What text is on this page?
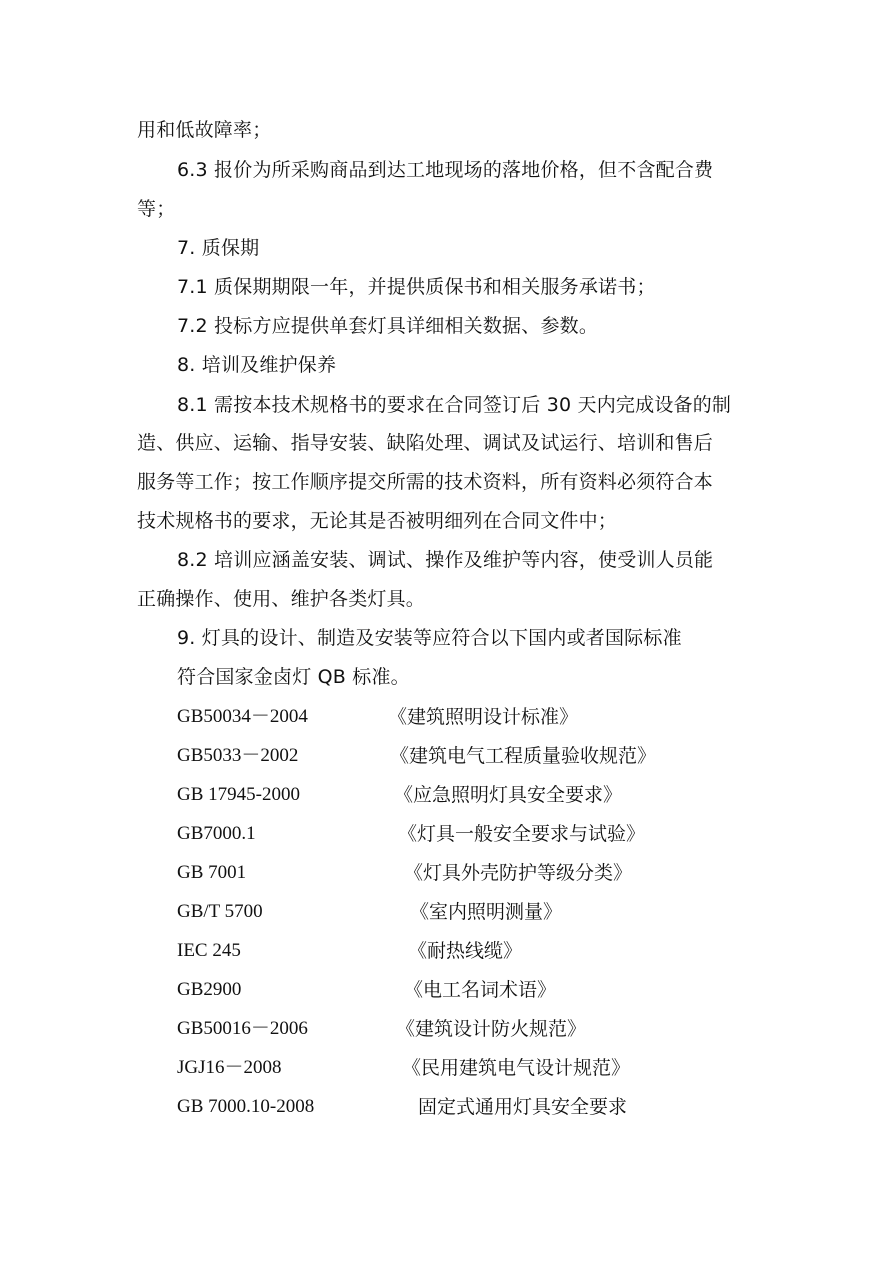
用和低故障率；
6.3 报价为所采购商品到达工地现场的落地价格，但不含配合费
等；
7. 质保期
7.1 质保期期限一年，并提供质保书和相关服务承诺书；
7.2 投标方应提供单套灯具详细相关数据、参数。
8. 培训及维护保养
8.1 需按本技术规格书的要求在合同签订后 30 天内完成设备的制
造、供应、运输、指导安装、缺陷处理、调试及试运行、培训和售后
服务等工作；按工作顺序提交所需的技术资料，所有资料必须符合本
技术规格书的要求，无论其是否被明细列在合同文件中；
8.2 培训应涵盖安装、调试、操作及维护等内容，使受训人员能
正确操作、使用、维护各类灯具。
9. 灯具的设计、制造及安装等应符合以下国内或者国际标准
符合国家金卤灯 QB 标准。
GB50034－2004	《建筑照明设计标准》
GB5033－2002	《建筑电气工程质量验收规范》
GB 17945-2000	《应急照明灯具安全要求》
GB7000.1	《灯具一般安全要求与试验》
GB 7001	《灯具外壳防护等级分类》
GB/T 5700	《室内照明测量》
IEC 245	《耐热线缆》
GB2900	《电工名词术语》
GB50016－2006	《建筑设计防火规范》
JGJ16－2008	《民用建筑电气设计规范》
GB 7000.10-2008	固定式通用灯具安全要求
